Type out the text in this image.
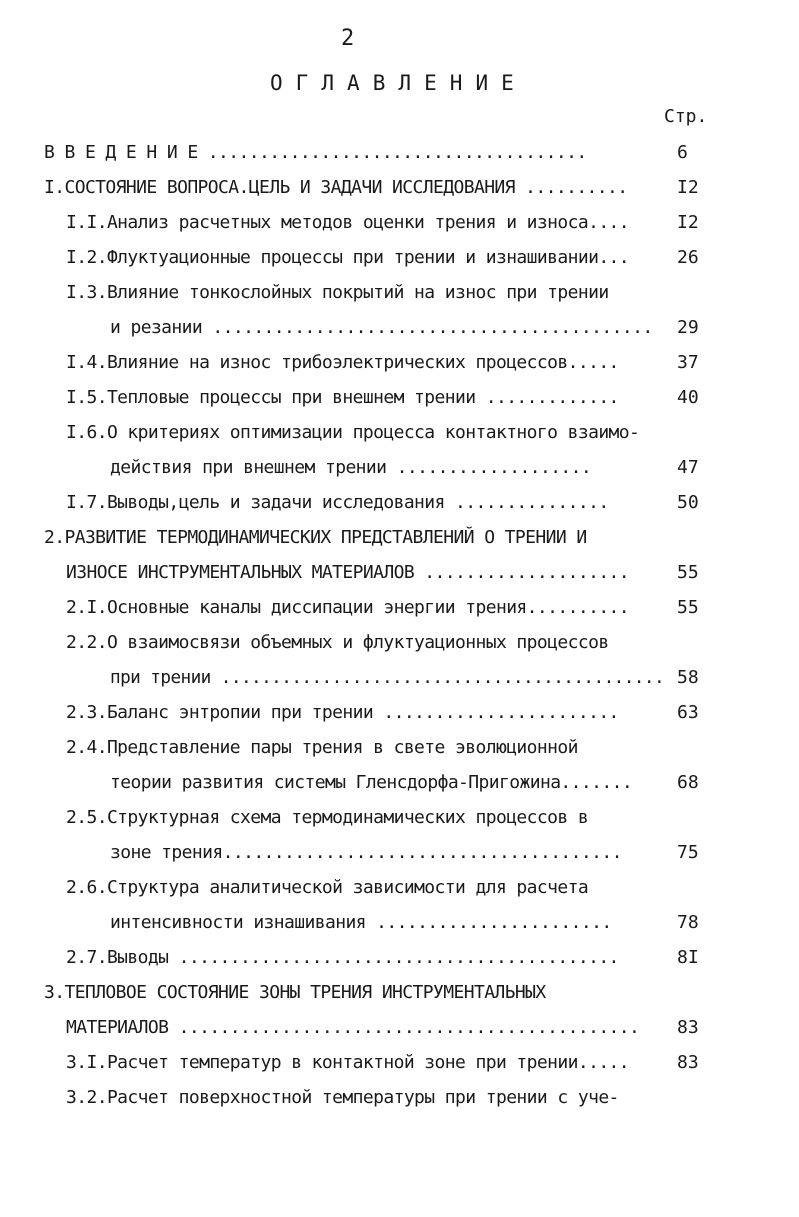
2
О Г Л А В Л Е Н И Е
Стр.
В В Е Д Е Н И Е .....................................	6
I.СОСТОЯНИЕ ВОПРОСА.ЦЕЛЬ И ЗАДАЧИ ИССЛЕДОВАНИЯ ..........	I2
I.I.Анализ расчетных методов оценки трения и износа....	I2
I.2.Флуктуационные процессы при трении и изнашивании...	26
I.3.Влияние тонкослойных покрытий на износ при трении
и резании ........................................... 29
I.4.Влияние на износ трибоэлектрических процессов.....	37
I.5.Тепловые процессы при внешнем трении .............	40
I.6.О критериях оптимизации процесса контактного взаимо-
действия при внешнем трении ...................	47
I.7.Выводы,цель и задачи исследования ...............	50
2.РАЗВИТИЕ ТЕРМОДИНАМИЧЕСКИХ ПРЕДСТАВЛЕНИЙ О ТРЕНИИ И
ИЗНОСЕ ИНСТРУМЕНТАЛЬНЫХ МАТЕРИАЛОВ ....................	55
2.I.Основные каналы диссипации энергии трения..........	55
2.2.О взаимосвязи объемных и флуктуационных процессов
при трении ............................................ 58
2.3.Баланс энтропии при трении .......................	63
2.4.Представление пары трения в свете эволюционной
теории развития системы Гленсдорфа-Пригожина....... 68
2.5.Структурная схема термодинамических процессов в
зоне трения.......................................	75
2.6.Структура аналитической зависимости для расчета
интенсивности изнашивания .......................	78
2.7.Выводы ...........................................	8I
3.ТЕПЛОВОЕ СОСТОЯНИЕ ЗОНЫ ТРЕНИЯ ИНСТРУМЕНТАЛЬНЫХ
МАТЕРИАЛОВ ............................................. 83
3.I.Расчет температур в контактной зоне при трении.....	83
3.2.Расчет поверхностной температуры при трении с уче-
